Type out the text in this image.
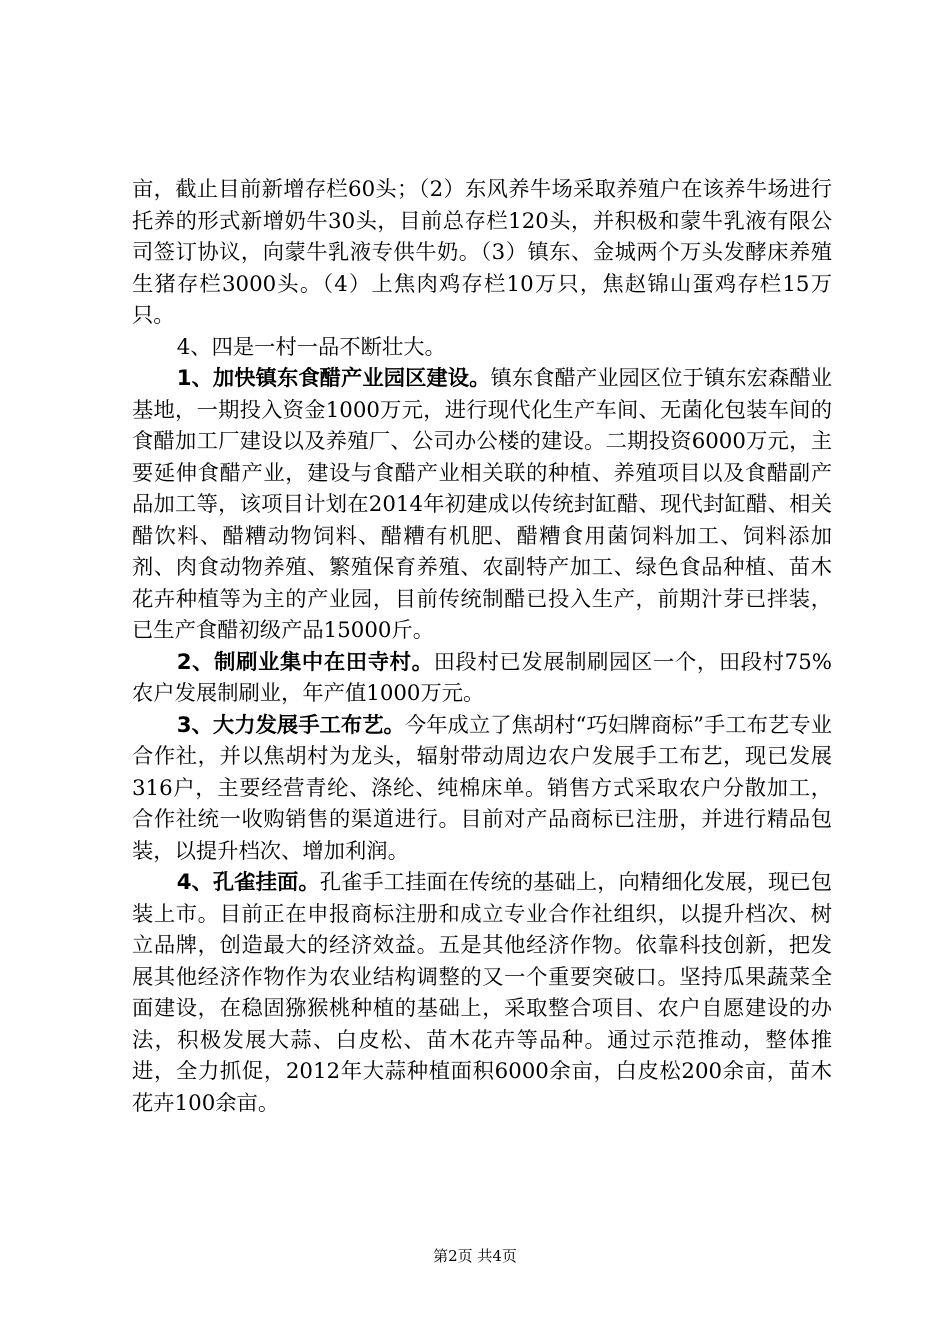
亩，截止目前新增存栏60头；（2）东风养牛场采取养殖户在该养牛场进行托养的形式新增奶牛30头，目前总存栏120头，并积极和蒙牛乳液有限公司签订协议，向蒙牛乳液专供牛奶。（3）镇东、金城两个万头发酵床养殖生猪存栏3000头。（4）上焦肉鸡存栏10万只，焦赵锦山蛋鸡存栏15万只。

4、四是一村一品不断壮大。

1、加快镇东食醋产业园区建设。镇东食醋产业园区位于镇东宏森醋业基地，一期投入资金1000万元，进行现代化生产车间、无菌化包装车间的食醋加工厂建设以及养殖厂、公司办公楼的建设。二期投资6000万元，主要延伸食醋产业，建设与食醋产业相关联的种植、养殖项目以及食醋副产品加工等，该项目计划在2014年初建成以传统封缸醋、现代封缸醋、相关醋饮料、醋糟动物饲料、醋糟有机肥、醋糟食用菌饲料加工、饲料添加剂、肉食动物养殖、繁殖保育养殖、农副特产加工、绿色食品种植、苗木花卉种植等为主的产业园，目前传统制醋已投入生产，前期汁芽已拌装，已生产食醋初级产品15000斤。

2、制刷业集中在田寺村。田段村已发展制刷园区一个，田段村75%农户发展制刷业，年产值1000万元。

3、大力发展手工布艺。今年成立了焦胡村“巧妇牌商标”手工布艺专业合作社，并以焦胡村为龙头，辐射带动周边农户发展手工布艺，现已发展316户，主要经营青纶、涤纶、纯棉床单。销售方式采取农户分散加工，合作社统一收购销售的渠道进行。目前对产品商标已注册，并进行精品包装，以提升档次、增加利润。

4、孔雀挂面。孔雀手工挂面在传统的基础上，向精细化发展，现已包装上市。目前正在申报商标注册和成立专业合作社组织，以提升档次、树立品牌，创造最大的经济效益。五是其他经济作物。依靠科技创新，把发展其他经济作物作为农业结构调整的又一个重要突破口。坚持瓜果蔬菜全面建设，在稳固猕猴桃种植的基础上，采取整合项目、农户自愿建设的办法，积极发展大蒜、白皮松、苗木花卉等品种。通过示范推动，整体推进，全力抓促，2012年大蒜种植面积6000余亩，白皮松200余亩，苗木花卉100余亩。

第2页 共4页
